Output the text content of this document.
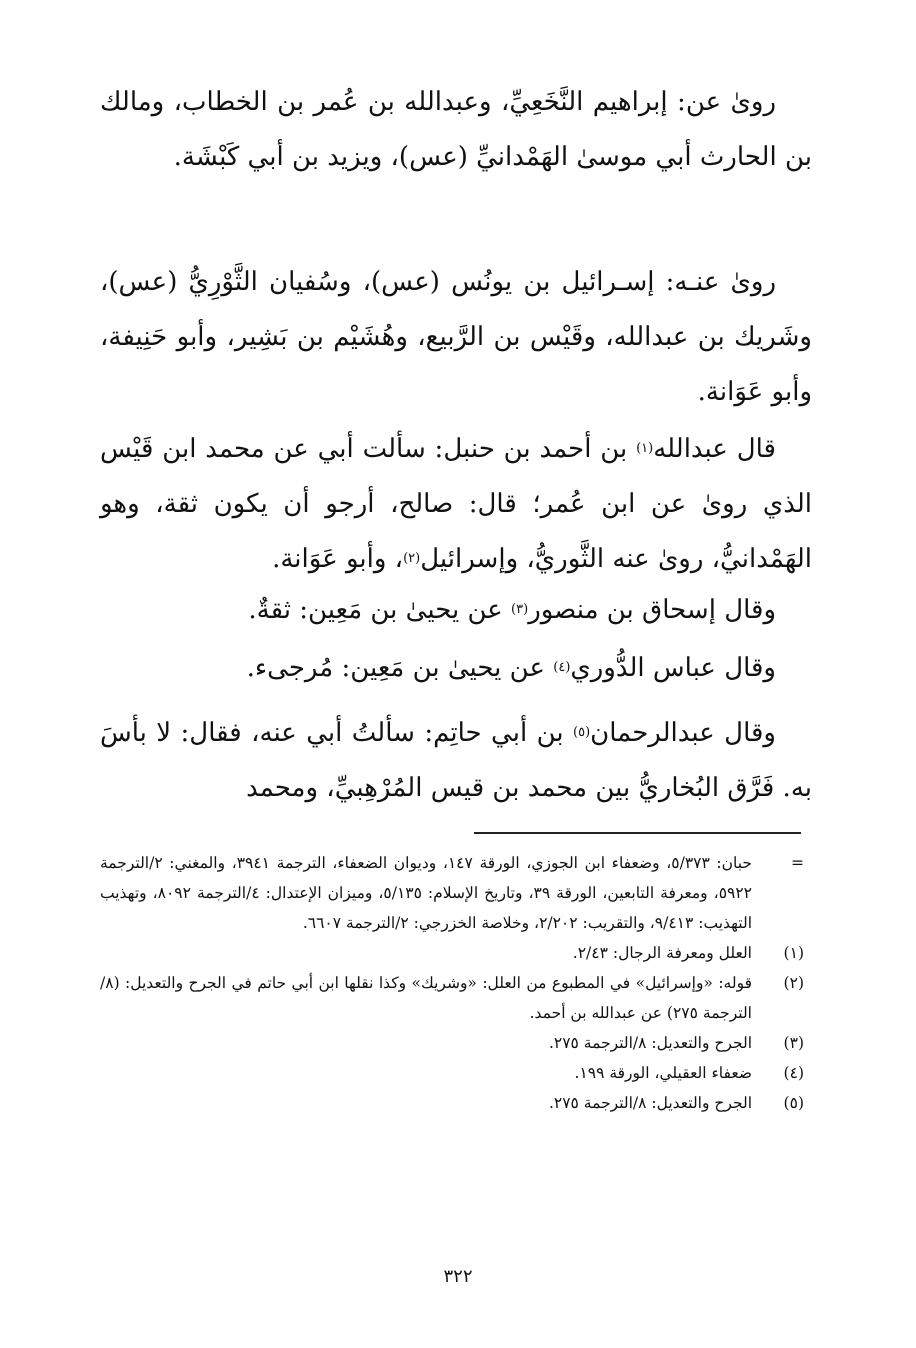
رویٰ عن: إبراهيم النَّخَعِيِّ، وعبدالله بن عُمر بن الخطاب، ومالك بن الحارث أبي موسىٰ الهَمْدانيِّ (عس)، ويزيد بن أبي كَبْشَة.
رویٰ عنـه: إسـرائيل بن يونُس (عس)، وسُفيان الثَّوْرِيُّ (عس)، وشَريك بن عبدالله، وقَيْس بن الرَّبيع، وهُشَيْم بن بَشِير، وأبو حَنِيفة، وأبو عَوَانة.
قال عبدالله$^{(١)}$ بن أحمد بن حنبل: سألت أبي عن محمد ابن قَيْس الذي رویٰ عن ابن عُمر؛ قال: صالح، أرجو أن يكون ثقة، وهو الهَمْدانيُّ، رویٰ عنه الثَّوريُّ، وإسرائيل$^{(٢)}$، وأبو عَوَانة.
وقال إسحاق بن منصور$^{(٣)}$ عن يحيىٰ بن مَعِين: ثقةٌ.
وقال عباس الدُّوري$^{(٤)}$ عن يحيىٰ بن مَعِين: مُرجیء.
وقال عبدالرحمان$^{(٥)}$ بن أبي حاتِم: سألتُ أبي عنه، فقال: لا بأسَ به. فَرَّق البُخاريُّ بين محمد بن قيس المُرْهِبيِّ، ومحمد
=
حبان: ٥/٣٧٣، وضعفاء ابن الجوزي، الورقة ١٤٧، وديوان الضعفاء، الترجمة ٣٩٤١، والمغني: ٢/الترجمة ٥٩٢٢، ومعرفة التابعين، الورقة ٣٩، وتاريخ الإسلام: ٥/١٣٥، وميزان الإعتدال: ٤/الترجمة ٨٠٩٢، وتهذيب التهذيب: ٩/٤١٣، والتقريب: ٢/٢٠٢، وخلاصة الخزرجي: ٢/الترجمة ٦٦٠٧.
(١)
العلل ومعرفة الرجال: ٢/٤٣.
(٢)
قوله: «وإسرائيل» في المطبوع من العلل: «وشريك» وكذا نقلها ابن أبي حاتم في الجرح والتعديل: (٨/الترجمة ٢٧٥) عن عبدالله بن أحمد.
(٣)
الجرح والتعديل: ٨/الترجمة ٢٧٥.
(٤)
ضعفاء العقيلي، الورقة ١٩٩.
(٥)
الجرح والتعديل: ٨/الترجمة ٢٧٥.
٣٢٢
